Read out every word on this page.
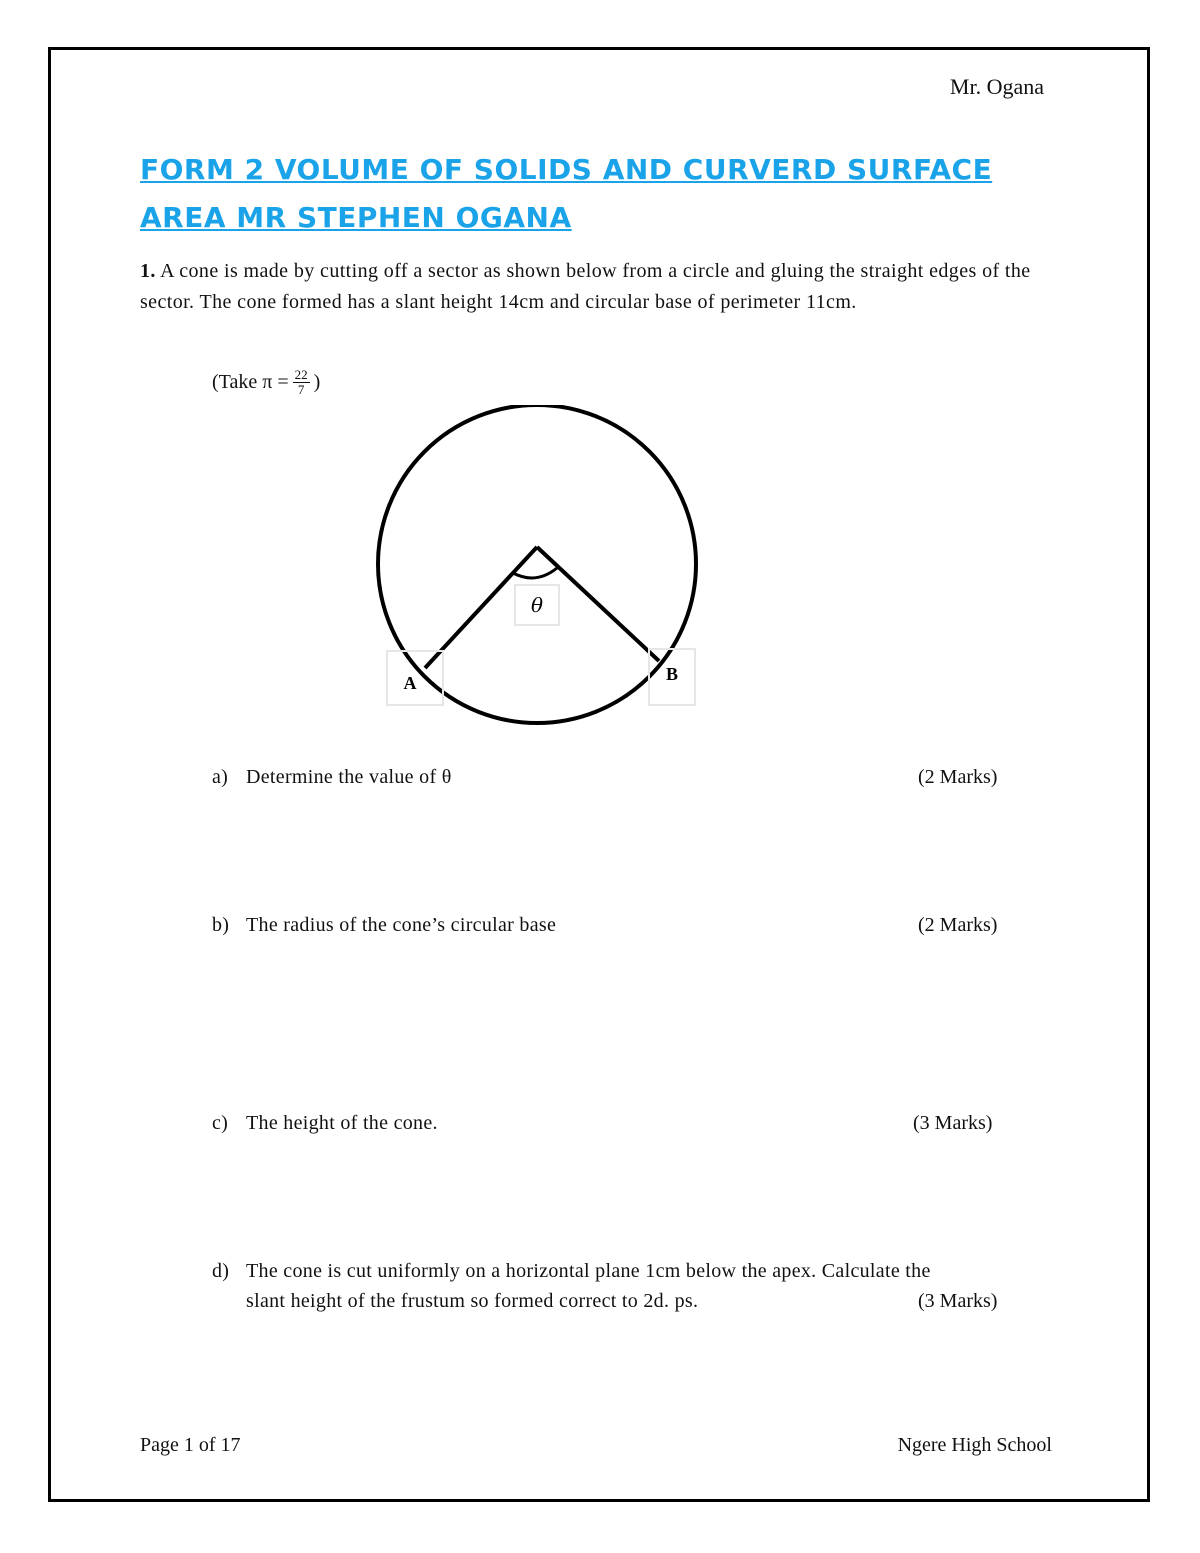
Mr. Ogana
FORM 2 VOLUME OF SOLIDS AND CURVERD SURFACE AREA MR STEPHEN OGANA
1. A cone is made by cutting off a sector as shown below from a circle and gluing the straight edges of the sector. The cone formed has a slant height 14cm and circular base of perimeter 11cm.
(Take $\pi = \frac{22}{7}$ )
θ
A	B
a) Determine the value of θ	(2 Marks)
b) The radius of the cone’s circular base	(2 Marks)
c) The height of the cone.	(3 Marks)
d) The cone is cut uniformly on a horizontal plane 1cm below the apex. Calculate the
slant height of the frustum so formed correct to 2d. ps.	(3 Marks)
Page 1 of 17	Ngere High School
